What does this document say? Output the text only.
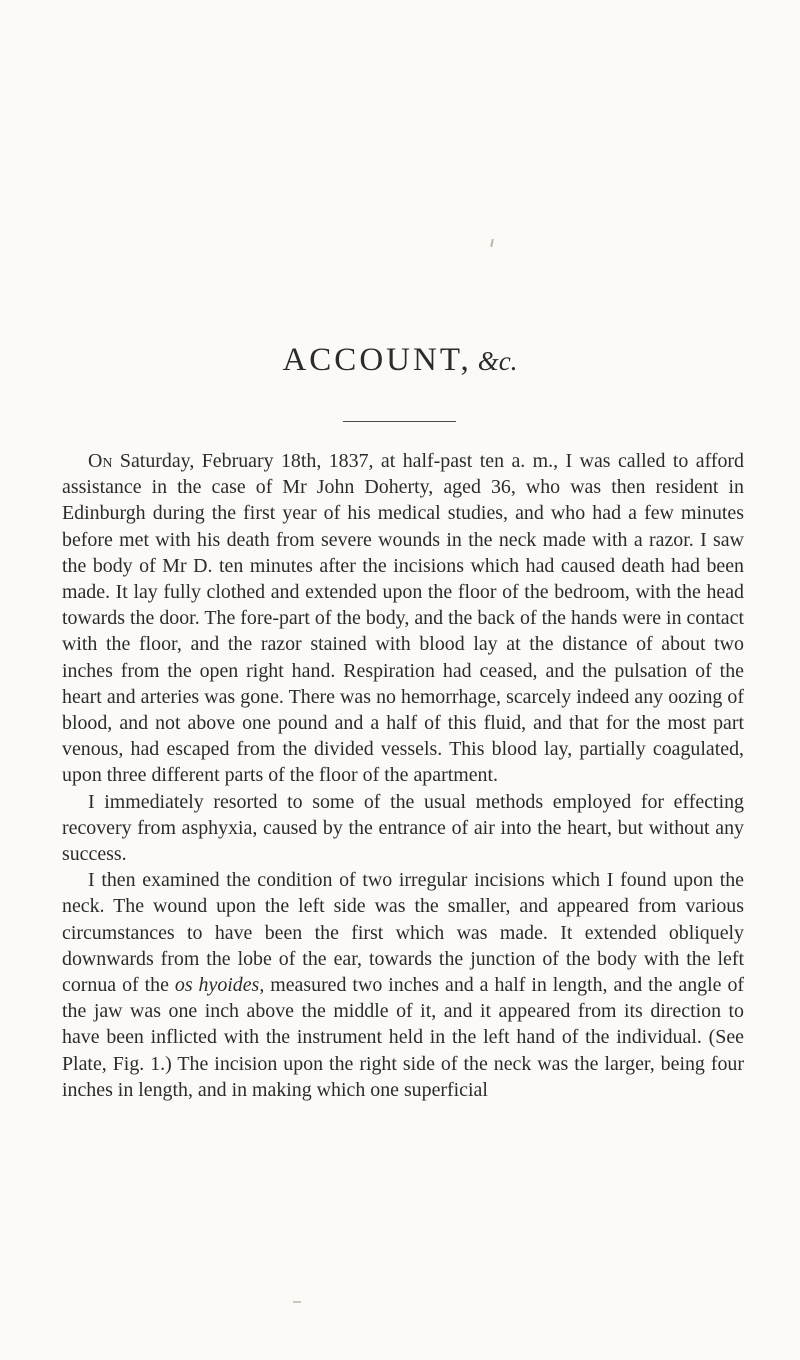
ACCOUNT, &c.

On Saturday, February 18th, 1837, at half-past ten a. m., I was called to afford assistance in the case of Mr John Doherty, aged 36, who was then resident in Edinburgh during the first year of his medical studies, and who had a few minutes before met with his death from severe wounds in the neck made with a razor. I saw the body of Mr D. ten minutes after the incisions which had caused death had been made. It lay fully clothed and extended upon the floor of the bedroom, with the head towards the door. The fore-part of the body, and the back of the hands were in contact with the floor, and the razor stained with blood lay at the distance of about two inches from the open right hand. Respiration had ceased, and the pulsation of the heart and arteries was gone. There was no hemorrhage, scarcely indeed any oozing of blood, and not above one pound and a half of this fluid, and that for the most part venous, had escaped from the divided vessels. This blood lay, partially coagulated, upon three different parts of the floor of the apartment.

I immediately resorted to some of the usual methods employed for effecting recovery from asphyxia, caused by the entrance of air into the heart, but without any success.

I then examined the condition of two irregular incisions which I found upon the neck. The wound upon the left side was the smaller, and appeared from various circumstances to have been the first which was made. It extended obliquely downwards from the lobe of the ear, towards the junction of the body with the left cornua of the os hyoides, measured two inches and a half in length, and the angle of the jaw was one inch above the middle of it, and it appeared from its direction to have been inflicted with the instrument held in the left hand of the individual. (See Plate, Fig. 1.) The incision upon the right side of the neck was the larger, being four inches in length, and in making which one superficial
